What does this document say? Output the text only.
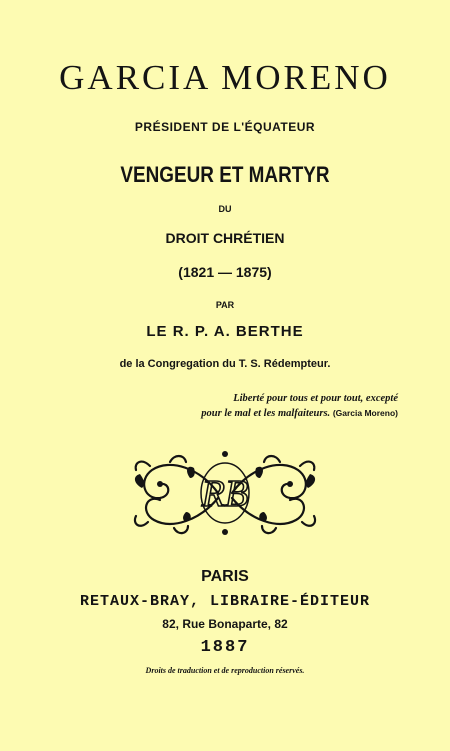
GARCIA MORENO
PRÉSIDENT DE L'ÉQUATEUR
VENGEUR ET MARTYR
DU
DROIT CHRÉTIEN
(1821 — 1875)
PAR
LE R. P. A. BERTHE
de la Congregation du T. S. Rédempteur.
Liberté pour tous et pour tout, excepté
pour le mal et les malfaiteurs. (Garcia Moreno)
RB
PARIS
RETAUX-BRAY, LIBRAIRE-ÉDITEUR
82, Rue Bonaparte, 82
1887
Droits de traduction et de reproduction réservés.
